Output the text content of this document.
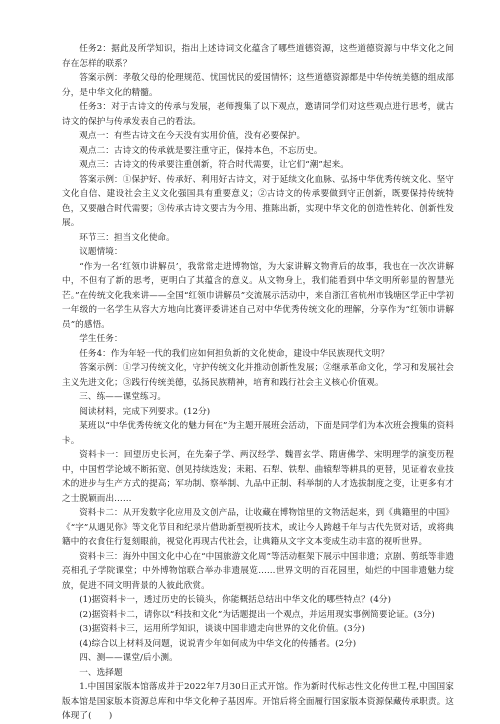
任务2：据此及所学知识，指出上述诗词文化蕴含了哪些道德资源，这些道德资源与中华文化之间存在怎样的联系？

答案示例：孝敬父母的伦理规范、忧国忧民的爱国情怀；这些道德资源都是中华传统美德的组成部分，是中华文化的精髓。

任务3：对于古诗文的传承与发展，老师搜集了以下观点，邀请同学们对这些观点进行思考，就古诗文的保护与传承发表自己的看法。

观点一：有些古诗文在今天没有实用价值，没有必要保护。

观点二：古诗文的传承就是要注重守正，保持本色，不忘历史。

观点三：古诗文的传承要注重创新，符合时代需要，让它们“潮”起来。

答案示例：①保护好、传承好、利用好古诗文，对于延续文化血脉、弘扬中华优秀传统文化、坚守文化自信、建设社会主义文化强国具有重要意义；②古诗文的传承要做到守正创新，既要保持传统特色，又要融合时代需要；③传承古诗文要古为今用、推陈出新，实现中华文化的创造性转化、创新性发展。

环节三：担当文化使命。

议题情境：

“作为一名‘红领巾讲解员’，我常常走进博物馆，为大家讲解文物背后的故事，我也在一次次讲解中，不但有了新的思考，更明白了其蕴含的意义。从文物身上，我们能看到中华文明所彰显的智慧光芒。”在传统文化我来讲——全国“红领巾讲解员”交流展示活动中，来自浙江省杭州市钱塘区学正中学初一年级的一名学生从容大方地向比赛评委讲述自己对中华优秀传统文化的理解，分享作为“红领巾讲解员”的感悟。

学生任务：

任务4：作为年轻一代的我们应如何担负新的文化使命，建设中华民族现代文明？

答案示例：①学习传统文化，守护传统文化并推动创新性发展；②继承革命文化，学习和发展社会主义先进文化；③践行传统美德，弘扬民族精神，培育和践行社会主义核心价值观。

三、练——课堂练习。

阅读材料，完成下列要求。(12分)

某班以“中华优秀传统文化的魅力何在”为主题开展班会活动，下面是同学们为本次班会搜集的资料卡。

资料卡一：回望历史长河，在先秦子学、两汉经学、魏晋玄学、隋唐佛学、宋明理学的演变历程中，中国哲学论域不断拓宽、创见持续迭发；耒耜、石犁、铁犁、曲辕犁等耕具的更替，见证着农业技术的进步与生产方式的提高；军功制、察举制、九品中正制、科举制的人才选拔制度之变，让更多有才之士脱颖而出……

资料卡二：从开发数字化应用及文创产品，让收藏在博物馆里的文物活起来，到《典籍里的中国》《“字”从遇见你》等文化节目和纪录片借助新型视听技术，或让今人跨越千年与古代先贤对话，或将典籍中的衣食住行复刻眼前，视觉化再现古代社会，让典籍从文字文本变成生动丰富的视听世界。

资料卡三：海外中国文化中心在“中国旅游文化周”等活动框架下展示中国非遗；京剧、剪纸等非遗亮相孔子学院课堂；中外博物馆联合举办非遗展览……世界文明的百花园里，灿烂的中国非遗魅力绽放，促进不同文明背景的人彼此欣赏。

(1)据资料卡一，透过历史的长镜头，你能概括总结出中华文化的哪些特点？(4分)

(2)据资料卡二，请你以“科技和文化”为话题提出一个观点，并运用现实事例简要论证。(3分)

(3)据资料卡三，运用所学知识，谈谈中国非遗走向世界的文化价值。(3分)

(4)综合以上材料及问题，说说青少年如何成为中华文化的传播者。(2分)

四、测——课堂/后小测。

一、选择题

1.中国国家版本馆落成并于2022年7月30日正式开馆。作为新时代标志性文化传世工程,中国国家版本馆是国家版本资源总库和中华文化种子基因库。开馆后将全面履行国家版本资源保藏传承职责。这体现了(　　)
